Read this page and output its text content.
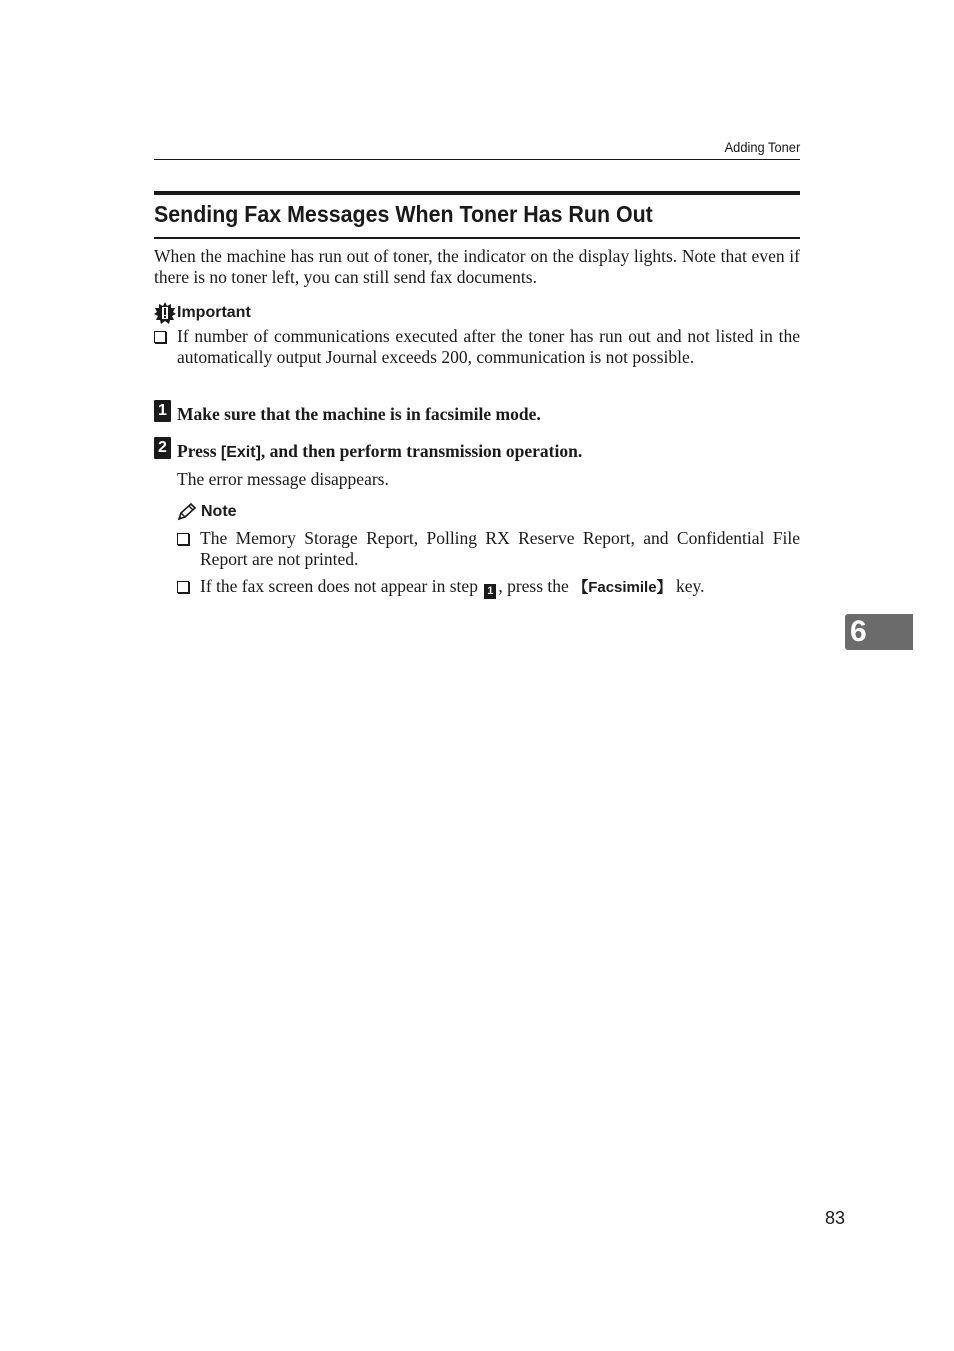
Adding Toner
Sending Fax Messages When Toner Has Run Out

When the machine has run out of toner, the indicator on the display lights. Note that even if there is no toner left, you can still send fax documents.

Important
If number of communications executed after the toner has run out and not listed in the automatically output Journal exceeds 200, communication is not possible.
1 Make sure that the machine is in facsimile mode.
2 Press [Exit], and then perform transmission operation.

The error message disappears.

Note
The Memory Storage Report, Polling RX Reserve Report, and Confidential File Report are not printed.
If the fax screen does not appear in step 1 , press the 【Facsimile】 key.
6
83
